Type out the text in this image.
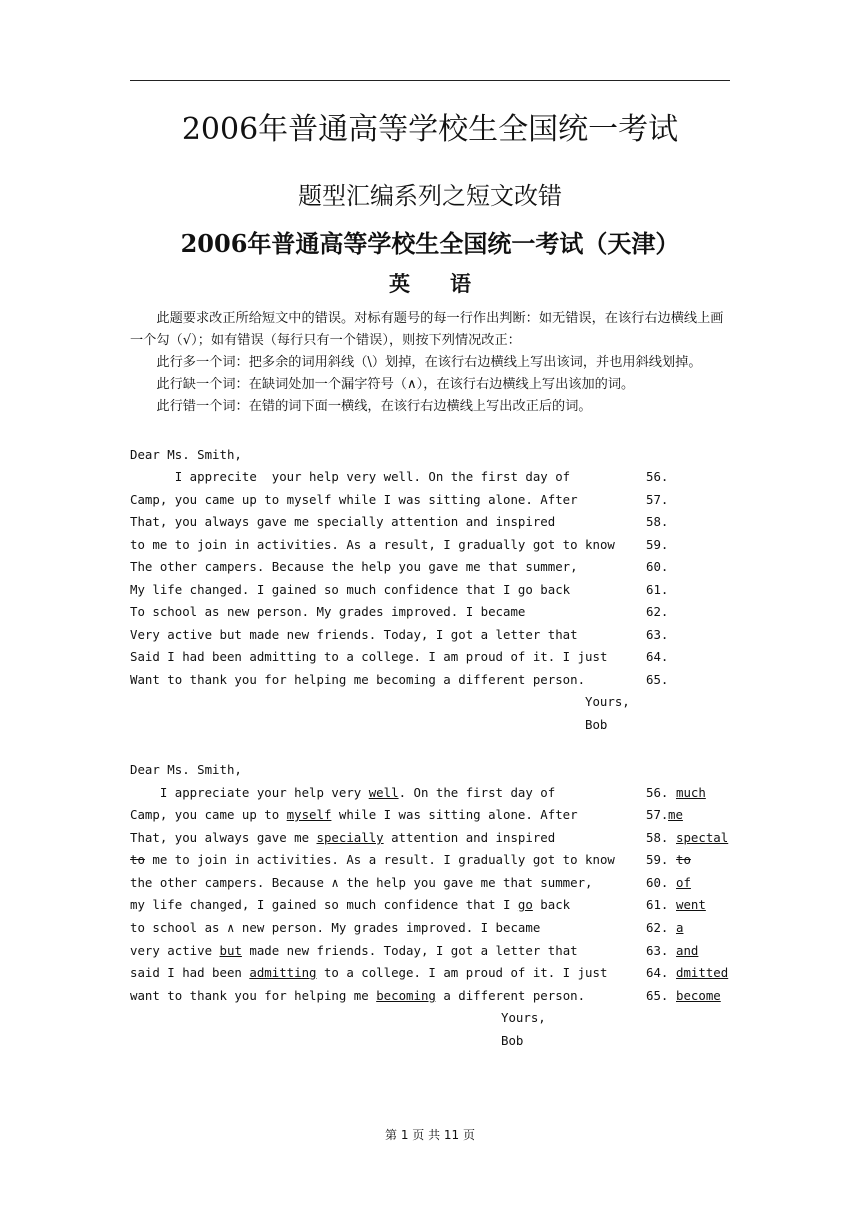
2006年普通高等学校生全国统一考试
题型汇编系列之短文改错
2006年普通高等学校生全国统一考试（天津）
英语

此题要求改正所给短文中的错误。对标有题号的每一行作出判断：如无错误，在该行右边横线上画一个勾（√）；如有错误（每行只有一个错误），则按下列情况改正：

此行多一个词：把多余的词用斜线（\）划掉，在该行右边横线上写出该词，并也用斜线划掉。

此行缺一个词：在缺词处加一个漏字符号（∧），在该行右边横线上写出该加的词。

此行错一个词：在错的词下面一横线，在该行右边横线上写出改正后的词。

Dear Ms. Smith,
I apprecite  your help very well. On the first day of	56.
Camp, you came up to myself while I was sitting alone. After	57.
That, you always gave me specially attention and inspired	58.
to me to join in activities. As a result, I gradually got to know	59.
The other campers. Because the help you gave me that summer,	60.
My life changed. I gained so much confidence that I go back	61.
To school as new person. My grades improved. I became	62.
Very active but made new friends. Today, I got a letter that	63.
Said I had been admitting to a college. I am proud of it. I just	64.
Want to thank you for helping me becoming a different person.	65.
Yours,
Bob
Dear Ms. Smith,
I appreciate your help very well. On the first day of	56. much
Camp, you came up to myself while I was sitting alone. After	57. me
That, you always gave me specially attention and inspired	58. spectal
to me to join in activities. As a result. I gradually got to know	59. to
the other campers. Because ∧ the help you gave me that summer,	60. of
my life changed, I gained so much confidence that I go back	61. went
to school as ∧ new person. My grades improved. I became	62. a
very active but made new friends. Today, I got a letter that	63. and
said I had been admitting to a college. I am proud of it. I just	64. dmitted
want to thank you for helping me becoming a different person.	65. become
Yours,
Bob
第 1 页 共 11 页
